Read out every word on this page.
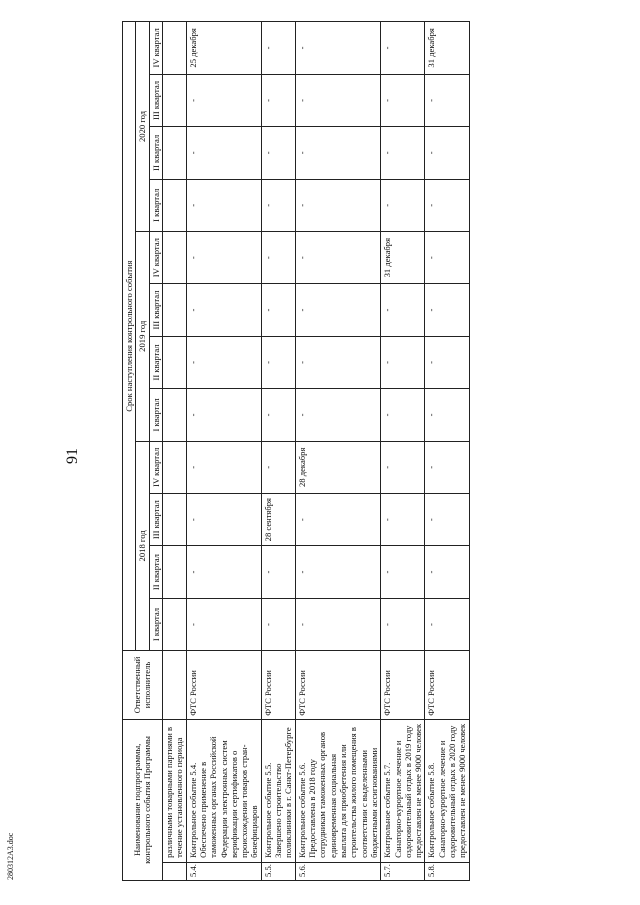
91
280312A3.doc
Наименование подпрограммы, контрольного события Программы		Ответственный исполнитель	Срок наступления контрольного события											
			2018 год				2019 год				2020 год			
			I квартал	II квартал	III квартал	IV квартал	I квартал	II квартал	III квартал	IV квартал	I квартал	II квартал	III квартал	IV квартал
	различными товарными партиями в течение установленного периода													
5.4.	Контрольное событие 5.4. Обеспечено применение в таможенных органах Российской Федерации электронных систем верификации сертификатов о происхождении товаров стран-бенефициаров	ФТС России	-	-	-	-	-	-	-	-	-	-	-	25 декабря
5.5.	Контрольное событие 5.5. Завершено строительство поликлиники в г. Санкт-Петербурге	ФТС России	-	-	28 сентября	-	-	-	-	-	-	-	-	-
5.6.	Контрольное событие 5.6. Предоставлена в 2018 году сотрудникам таможенных органов единовременная социальная выплата для приобретения или строительства жилого помещения в соответствии с выделенными бюджетными ассигнованиями	ФТС России	-	-	-	28 декабря	-	-	-	-	-	-	-	-
5.7.	Контрольное событие 5.7. Санаторно-курортное лечение и оздоровительный отдых в 2019 году предоставлен не менее 9000 человек	ФТС России	-	-	-	-	-	-	-	31 декабря	-	-	-	-
5.8.	Контрольное событие 5.8. Санаторно-курортное лечение и оздоровительный отдых в 2020 году предоставлен не менее 9000 человек	ФТС России	-	-	-	-	-	-	-	-	-	-	-	31 декабря
